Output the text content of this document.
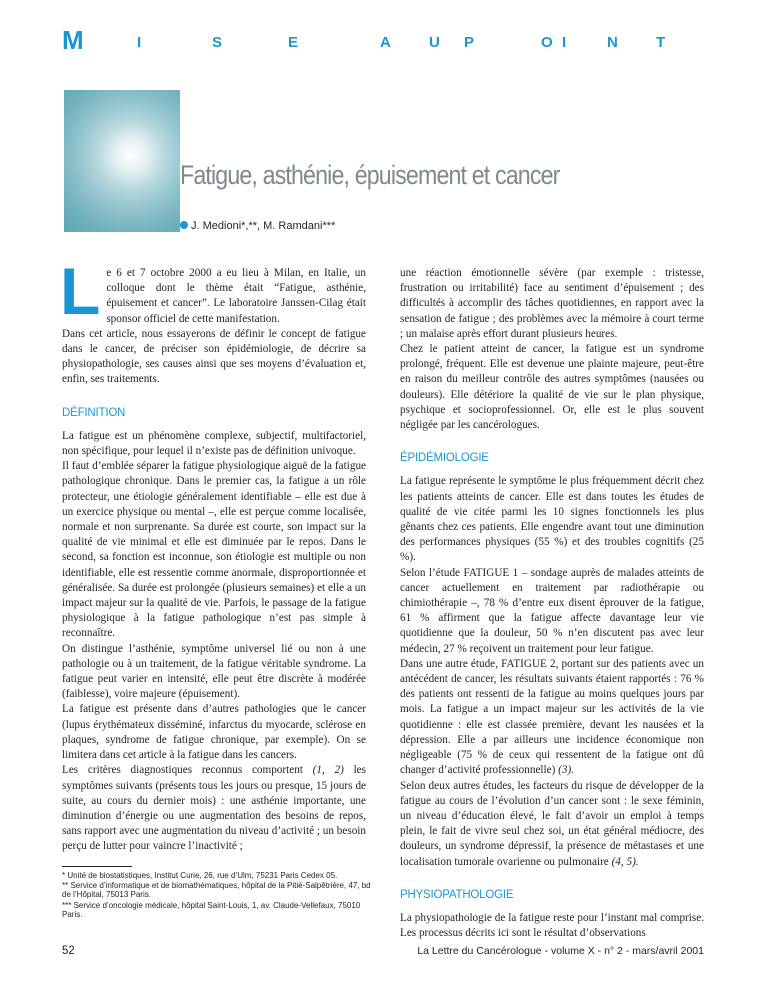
M	I	S	E	A	U P	O I	N	T
Fatigue, asthénie, épuisement et cancer
J. Medioni*,**, M. Ramdani***
L e 6 et 7 octobre 2000 a eu lieu à Milan, en Italie, un colloque dont le thème était “Fatigue, asthénie, épuisement et cancer”. Le laboratoire Janssen-Cilag était sponsor officiel de cette manifestation.

Dans cet article, nous essayerons de définir le concept de fatigue dans le cancer, de préciser son épidémiologie, de décrire sa physiopathologie, ses causes ainsi que ses moyens d’évaluation et, enfin, ses traitements.

DÉFINITION

La fatigue est un phénomène complexe, subjectif, multifactoriel, non spécifique, pour lequel il n’existe pas de définition univoque.

Il faut d’emblée séparer la fatigue physiologique aiguë de la fatigue pathologique chronique. Dans le premier cas, la fatigue a un rôle protecteur, une étiologie généralement identifiable – elle est due à un exercice physique ou mental –, elle est perçue comme localisée, normale et non surprenante. Sa durée est courte, son impact sur la qualité de vie minimal et elle est diminuée par le repos. Dans le second, sa fonction est inconnue, son étiologie est multiple ou non identifiable, elle est ressentie comme anormale, disproportionnée et généralisée. Sa durée est prolongée (plusieurs semaines) et elle a un impact majeur sur la qualité de vie. Parfois, le passage de la fatigue physiologique à la fatigue pathologique n’est pas simple à reconnaître.

On distingue l’asthénie, symptôme universel lié ou non à une pathologie ou à un traitement, de la fatigue véritable syndrome. La fatigue peut varier en intensité, elle peut être discrète à modérée (faiblesse), voire majeure (épuisement).

La fatigue est présente dans d’autres pathologies que le cancer (lupus érythémateux disséminé, infarctus du myocarde, sclérose en plaques, syndrome de fatigue chronique, par exemple). On se limitera dans cet article à la fatigue dans les cancers.

Les critères diagnostiques reconnus comportent (1, 2) les symptômes suivants (présents tous les jours ou presque, 15 jours de suite, au cours du dernier mois) : une asthénie importante, une diminution d’énergie ou une augmentation des besoins de repos, sans rapport avec une augmentation du niveau d’activité ; un besoin perçu de lutter pour vaincre l’inactivité ;

une réaction émotionnelle sévère (par exemple : tristesse, frustration ou irritabilité) face au sentiment d’épuisement ; des difficultés à accomplir des tâches quotidiennes, en rapport avec la sensation de fatigue ; des problèmes avec la mémoire à court terme ; un malaise après effort durant plusieurs heures.

Chez le patient atteint de cancer, la fatigue est un syndrome prolongé, fréquent. Elle est devenue une plainte majeure, peut-être en raison du meilleur contrôle des autres symptômes (nausées ou douleurs). Elle détériore la qualité de vie sur le plan physique, psychique et socioprofessionnel. Or, elle est le plus souvent négligée par les cancérologues.

ÉPIDÉMIOLOGIE

La fatigue représente le symptôme le plus fréquemment décrit chez les patients atteints de cancer. Elle est dans toutes les études de qualité de vie citée parmi les 10 signes fonctionnels les plus gênants chez ces patients. Elle engendre avant tout une diminution des performances physiques (55 %) et des troubles cognitifs (25 %).

Selon l’étude FATIGUE 1 – sondage auprès de malades atteints de cancer actuellement en traitement par radiothérapie ou chimiothérapie –, 78 % d’entre eux disent éprouver de la fatigue, 61 % affirment que la fatigue affecte davantage leur vie quotidienne que la douleur, 50 % n’en discutent pas avec leur médecin, 27 % reçoivent un traitement pour leur fatigue.

Dans une autre étude, FATIGUE 2, portant sur des patients avec un antécédent de cancer, les résultats suivants étaient rapportés : 76 % des patients ont ressenti de la fatigue au moins quelques jours par mois. La fatigue a un impact majeur sur les activités de la vie quotidienne : elle est classée première, devant les nausées et la dépression. Elle a par ailleurs une incidence économique non négligeable (75 % de ceux qui ressentent de la fatigue ont dû changer d’activité professionnelle) (3).

Selon deux autres études, les facteurs du risque de développer de la fatigue au cours de l’évolution d’un cancer sont : le sexe féminin, un niveau d’éducation élevé, le fait d’avoir un emploi à temps plein, le fait de vivre seul chez soi, un état général médiocre, des douleurs, un syndrome dépressif, la présence de métastases et une localisation tumorale ovarienne ou pulmonaire (4, 5).

PHYSIOPATHOLOGIE

La physiopathologie de la fatigue reste pour l’instant mal comprise. Les processus décrits ici sont le résultat d’observations

* Unité de biostatistiques, Institut Curie, 26, rue d’Ulm, 75231 Paris Cedex 05.

** Service d’informatique et de biomathématiques, hôpital de la Pitié-Salpêtrière, 47, bd de l’Hôpital, 75013 Paris.

*** Service d’oncologie médicale, hôpital Saint-Louis, 1, av. Claude-Vellefaux, 75010 Paris.

52	La Lettre du Cancérologue - volume X - n° 2 - mars/avril 2001
